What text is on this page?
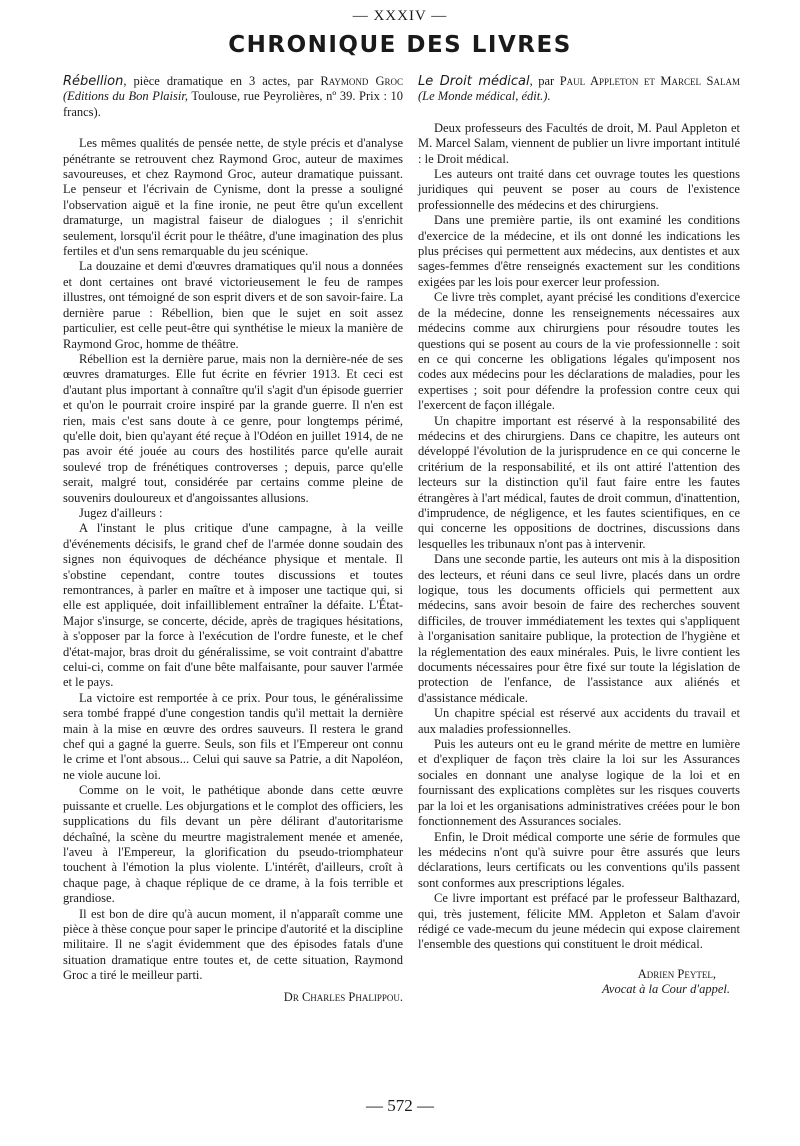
— XXXIV —
CHRONIQUE DES LIVRES

Rébellion, pièce dramatique en 3 actes, par Raymond Groc (Editions du Bon Plaisir, Toulouse, rue Peyrolières, nº 39. Prix : 10 francs).

Les mêmes qualités de pensée nette, de style précis et d'analyse pénétrante se retrouvent chez Raymond Groc, auteur de maximes savoureuses, et chez Raymond Groc, auteur dramatique puissant. Le penseur et l'écrivain de Cynisme, dont la presse a souligné l'observation aiguë et la fine ironie, ne peut être qu'un excellent dramaturge, un magistral faiseur de dialogues ; il s'enrichit seulement, lorsqu'il écrit pour le théâtre, d'une imagination des plus fertiles et d'un sens remarquable du jeu scénique.

La douzaine et demi d'œuvres dramatiques qu'il nous a données et dont certaines ont bravé victorieusement le feu de rampes illustres, ont témoigné de son esprit divers et de son savoir-faire. La dernière parue : Rébellion, bien que le sujet en soit assez particulier, est celle peut-être qui synthétise le mieux la manière de Raymond Groc, homme de théâtre.

Rébellion est la dernière parue, mais non la dernière-née de ses œuvres dramaturges. Elle fut écrite en février 1913. Et ceci est d'autant plus important à connaître qu'il s'agit d'un épisode guerrier et qu'on le pourrait croire inspiré par la grande guerre. Il n'en est rien, mais c'est sans doute à ce genre, pour longtemps périmé, qu'elle doit, bien qu'ayant été reçue à l'Odéon en juillet 1914, de ne pas avoir été jouée au cours des hostilités parce qu'elle aurait soulevé trop de frénétiques controverses ; depuis, parce qu'elle serait, malgré tout, considérée par certains comme pleine de souvenirs douloureux et d'angoissantes allusions.

Jugez d'ailleurs :

A l'instant le plus critique d'une campagne, à la veille d'événements décisifs, le grand chef de l'armée donne soudain des signes non équivoques de déchéance physique et mentale. Il s'obstine cependant, contre toutes discussions et toutes remontrances, à parler en maître et à imposer une tactique qui, si elle est appliquée, doit infailliblement entraîner la défaite. L'État-Major s'insurge, se concerte, décide, après de tragiques hésitations, à s'opposer par la force à l'exécution de l'ordre funeste, et le chef d'état-major, bras droit du généralissime, se voit contraint d'abattre celui-ci, comme on fait d'une bête malfaisante, pour sauver l'armée et le pays.

La victoire est remportée à ce prix. Pour tous, le généralissime sera tombé frappé d'une congestion tandis qu'il mettait la dernière main à la mise en œuvre des ordres sauveurs. Il restera le grand chef qui a gagné la guerre. Seuls, son fils et l'Empereur ont connu le crime et l'ont absous... Celui qui sauve sa Patrie, a dit Napoléon, ne viole aucune loi.

Comme on le voit, le pathétique abonde dans cette œuvre puissante et cruelle. Les objurgations et le complot des officiers, les supplications du fils devant un père délirant d'autoritarisme déchaîné, la scène du meurtre magistralement menée et amenée, l'aveu à l'Empereur, la glorification du pseudo-triomphateur touchent à l'émotion la plus violente. L'intérêt, d'ailleurs, croît à chaque page, à chaque réplique de ce drame, à la fois terrible et grandiose.

Il est bon de dire qu'à aucun moment, il n'apparaît comme une pièce à thèse conçue pour saper le principe d'autorité et la discipline militaire. Il ne s'agit évidemment que des épisodes fatals d'une situation dramatique entre toutes et, de cette situation, Raymond Groc a tiré le meilleur parti.

Dr Charles Phalippou.

Le Droit médical, par Paul Appleton et Marcel Salam (Le Monde médical, édit.).

Deux professeurs des Facultés de droit, M. Paul Appleton et M. Marcel Salam, viennent de publier un livre important intitulé : le Droit médical.

Les auteurs ont traité dans cet ouvrage toutes les questions juridiques qui peuvent se poser au cours de l'existence professionnelle des médecins et des chirurgiens.

Dans une première partie, ils ont examiné les conditions d'exercice de la médecine, et ils ont donné les indications les plus précises qui permettent aux médecins, aux dentistes et aux sages-femmes d'être renseignés exactement sur les conditions exigées par les lois pour exercer leur profession.

Ce livre très complet, ayant précisé les conditions d'exercice de la médecine, donne les renseignements nécessaires aux médecins comme aux chirurgiens pour résoudre toutes les questions qui se posent au cours de la vie professionnelle : soit en ce qui concerne les obligations légales qu'imposent nos codes aux médecins pour les déclarations de maladies, pour les expertises ; soit pour défendre la profession contre ceux qui l'exercent de façon illégale.

Un chapitre important est réservé à la responsabilité des médecins et des chirurgiens. Dans ce chapitre, les auteurs ont développé l'évolution de la jurisprudence en ce qui concerne le critérium de la responsabilité, et ils ont attiré l'attention des lecteurs sur la distinction qu'il faut faire entre les fautes étrangères à l'art médical, fautes de droit commun, d'inattention, d'imprudence, de négligence, et les fautes scientifiques, en ce qui concerne les oppositions de doctrines, discussions dans lesquelles les tribunaux n'ont pas à intervenir.

Dans une seconde partie, les auteurs ont mis à la disposition des lecteurs, et réuni dans ce seul livre, placés dans un ordre logique, tous les documents officiels qui permettent aux médecins, sans avoir besoin de faire des recherches souvent difficiles, de trouver immédiatement les textes qui s'appliquent à l'organisation sanitaire publique, la protection de l'hygiène et la réglementation des eaux minérales. Puis, le livre contient les documents nécessaires pour être fixé sur toute la législation de protection de l'enfance, de l'assistance aux aliénés et d'assistance médicale.

Un chapitre spécial est réservé aux accidents du travail et aux maladies professionnelles.

Puis les auteurs ont eu le grand mérite de mettre en lumière et d'expliquer de façon très claire la loi sur les Assurances sociales en donnant une analyse logique de la loi et en fournissant des explications complètes sur les risques couverts par la loi et les organisations administratives créées pour le bon fonctionnement des Assurances sociales.

Enfin, le Droit médical comporte une série de formules que les médecins n'ont qu'à suivre pour être assurés que leurs déclarations, leurs certificats ou les conventions qu'ils passent sont conformes aux prescriptions légales.

Ce livre important est préfacé par le professeur Balthazard, qui, très justement, félicite MM. Appleton et Salam d'avoir rédigé ce vade-mecum du jeune médecin qui expose clairement l'ensemble des questions qui constituent le droit médical.

Adrien Peytel,
Avocat à la Cour d'appel.
— 572 —
